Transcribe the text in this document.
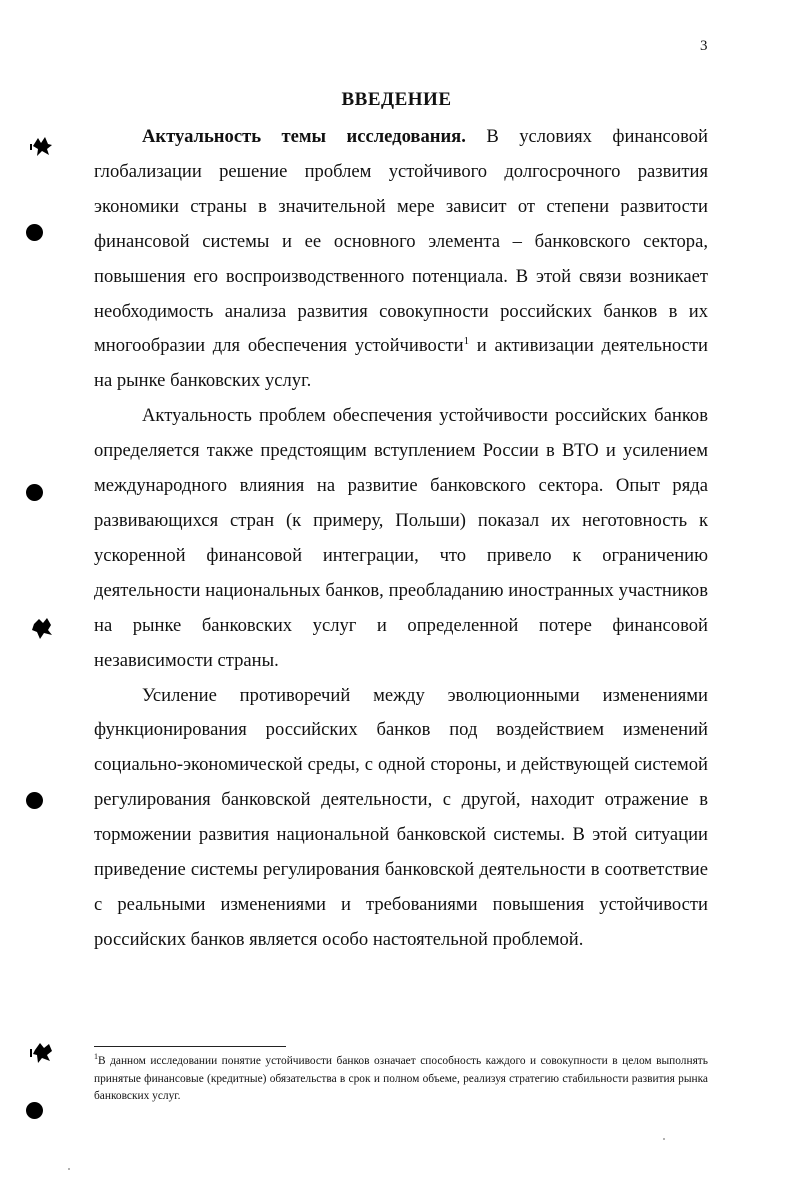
3
ВВЕДЕНИЕ

Актуальность темы исследования. В условиях финансовой глобализации решение проблем устойчивого долгосрочного развития экономики страны в значительной мере зависит от степени развитости финансовой системы и ее основного элемента – банковского сектора, повышения его воспроизводственного потенциала. В этой связи возникает необходимость анализа развития совокупности российских банков в их многообразии для обеспечения устойчивости$^1$ и активизации деятельности на рынке банковских услуг.

Актуальность проблем обеспечения устойчивости российских банков определяется также предстоящим вступлением России в ВТО и усилением международного влияния на развитие банковского сектора. Опыт ряда развивающихся стран (к примеру, Польши) показал их неготовность к ускоренной финансовой интеграции, что привело к ограничению деятельности национальных банков, преобладанию иностранных участников на рынке банковских услуг и определенной потере финансовой независимости страны.

Усиление противоречий между эволюционными изменениями функционирования российских банков под воздействием изменений социально-экономической среды, с одной стороны, и действующей системой регулирования банковской деятельности, с другой, находит отражение в торможении развития национальной банковской системы. В этой ситуации приведение системы регулирования банковской деятельности в соответствие с реальными изменениями и требованиями повышения устойчивости российских банков является особо настоятельной проблемой.

$^1$В данном исследовании понятие устойчивости банков означает способность каждого и совокупности в целом выполнять принятые финансовые (кредитные) обязательства в срок и полном объеме, реализуя стратегию стабильности развития рынка банковских услуг.
